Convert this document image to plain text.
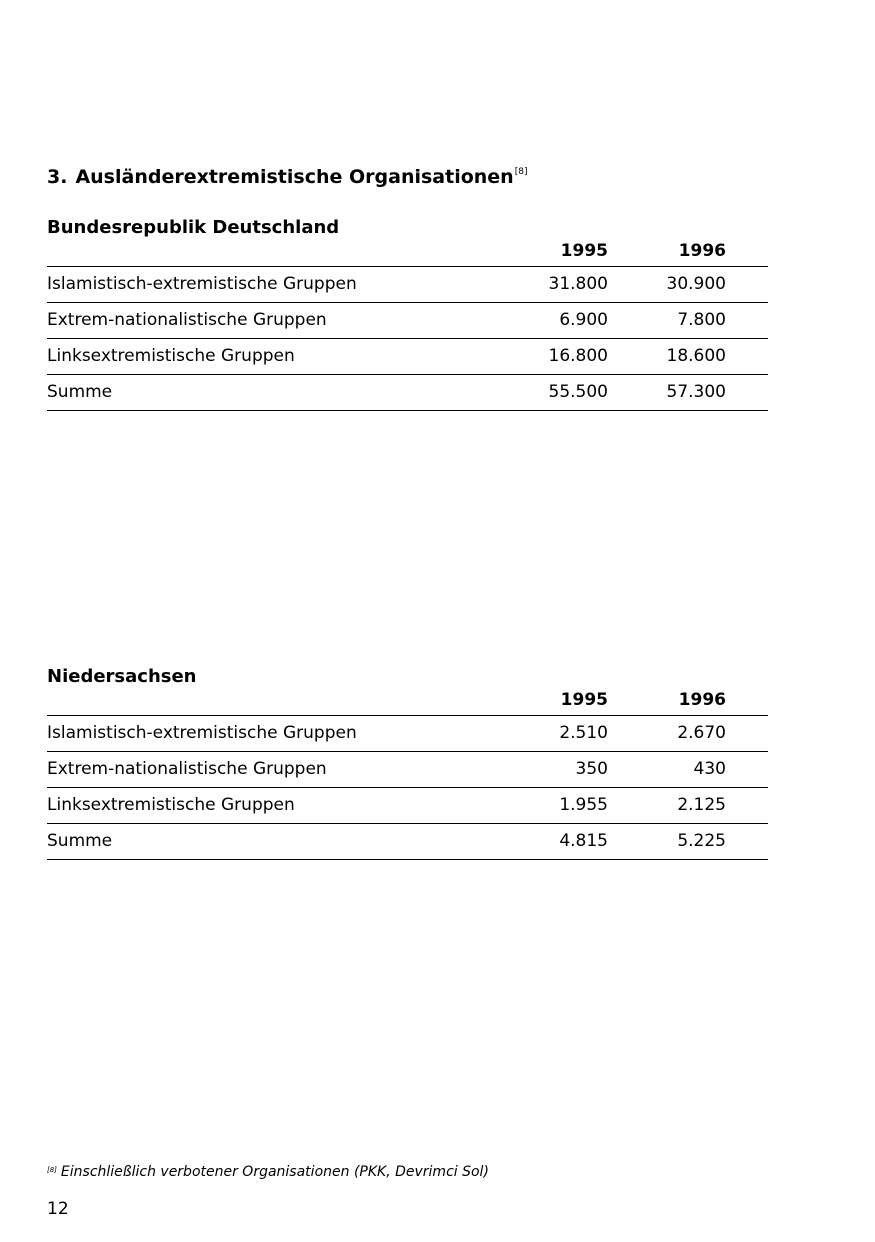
3. Ausländerextremistische Organisationen[8]
Bundesrepublik Deutschland
1995	1996
Islamistisch-extremistische Gruppen	31.800	30.900
Extrem-nationalistische Gruppen	6.900	7.800
Linksextremistische Gruppen	16.800	18.600
Summe	55.500	57.300
Niedersachsen
1995	1996
Islamistisch-extremistische Gruppen	2.510	2.670
Extrem-nationalistische Gruppen	350	430
Linksextremistische Gruppen	1.955	2.125
Summe	4.815	5.225
[8] Einschließlich verbotener Organisationen (PKK, Devrimci Sol)
12
